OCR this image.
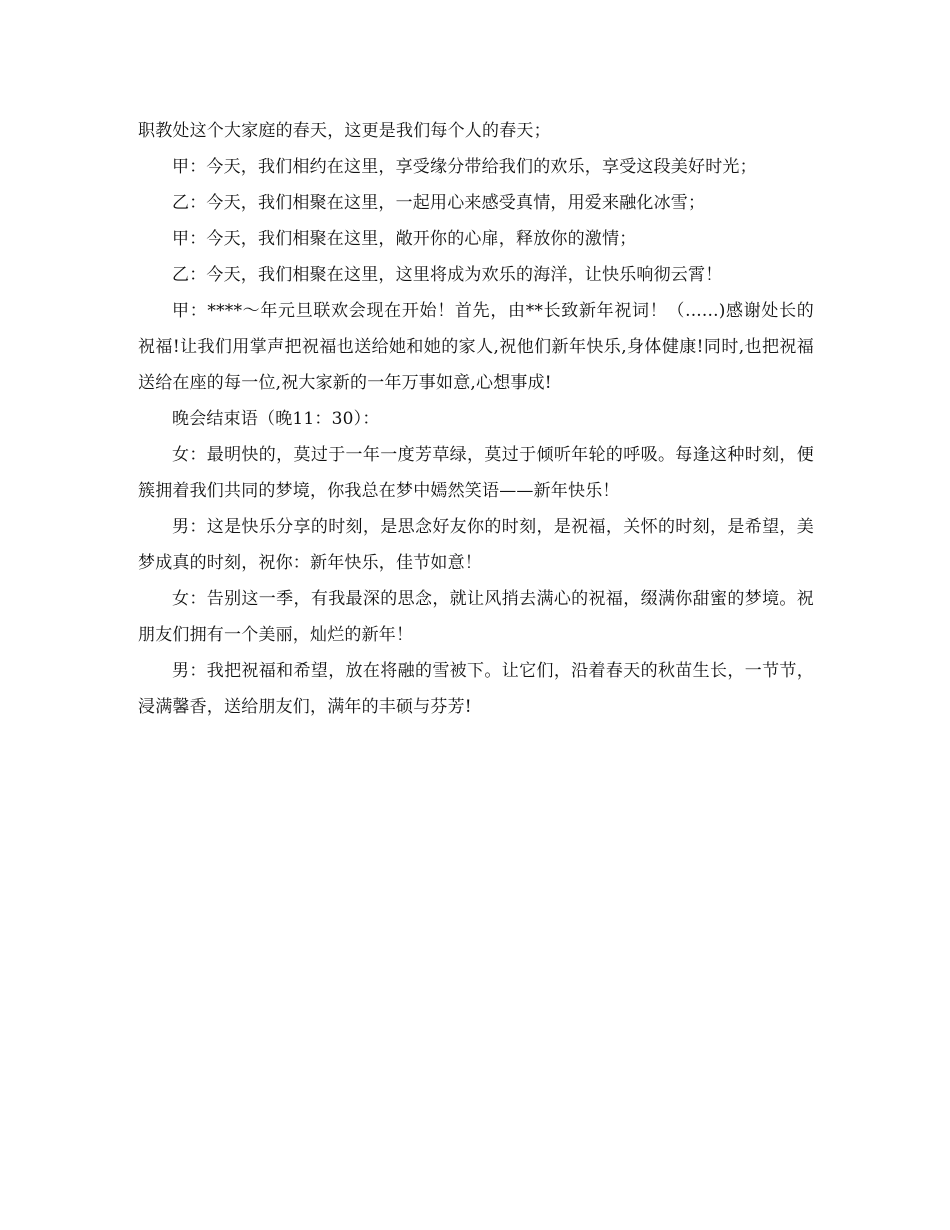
职教处这个大家庭的春天，这更是我们每个人的春天；

甲：今天，我们相约在这里，享受缘分带给我们的欢乐，享受这段美好时光；

乙：今天，我们相聚在这里，一起用心来感受真情，用爱来融化冰雪；

甲：今天，我们相聚在这里，敞开你的心扉，释放你的激情；

乙：今天，我们相聚在这里，这里将成为欢乐的海洋，让快乐响彻云霄！

甲：****～年元旦联欢会现在开始！首先，由**长致新年祝词！（......)感谢处长的祝福!让我们用掌声把祝福也送给她和她的家人,祝他们新年快乐,身体健康!同时,也把祝福送给在座的每一位,祝大家新的一年万事如意,心想事成!

晚会结束语（晚11：30）：

女：最明快的，莫过于一年一度芳草绿，莫过于倾听年轮的呼吸。每逢这种时刻，便簇拥着我们共同的梦境，你我总在梦中嫣然笑语——新年快乐！

男：这是快乐分享的时刻，是思念好友你的时刻，是祝福，关怀的时刻，是希望，美梦成真的时刻，祝你：新年快乐，佳节如意！

女：告别这一季，有我最深的思念，就让风捎去满心的祝福，缀满你甜蜜的梦境。祝朋友们拥有一个美丽，灿烂的新年！

男：我把祝福和希望，放在将融的雪被下。让它们，沿着春天的秋苗生长，一节节，浸满馨香，送给朋友们，满年的丰硕与芬芳!
